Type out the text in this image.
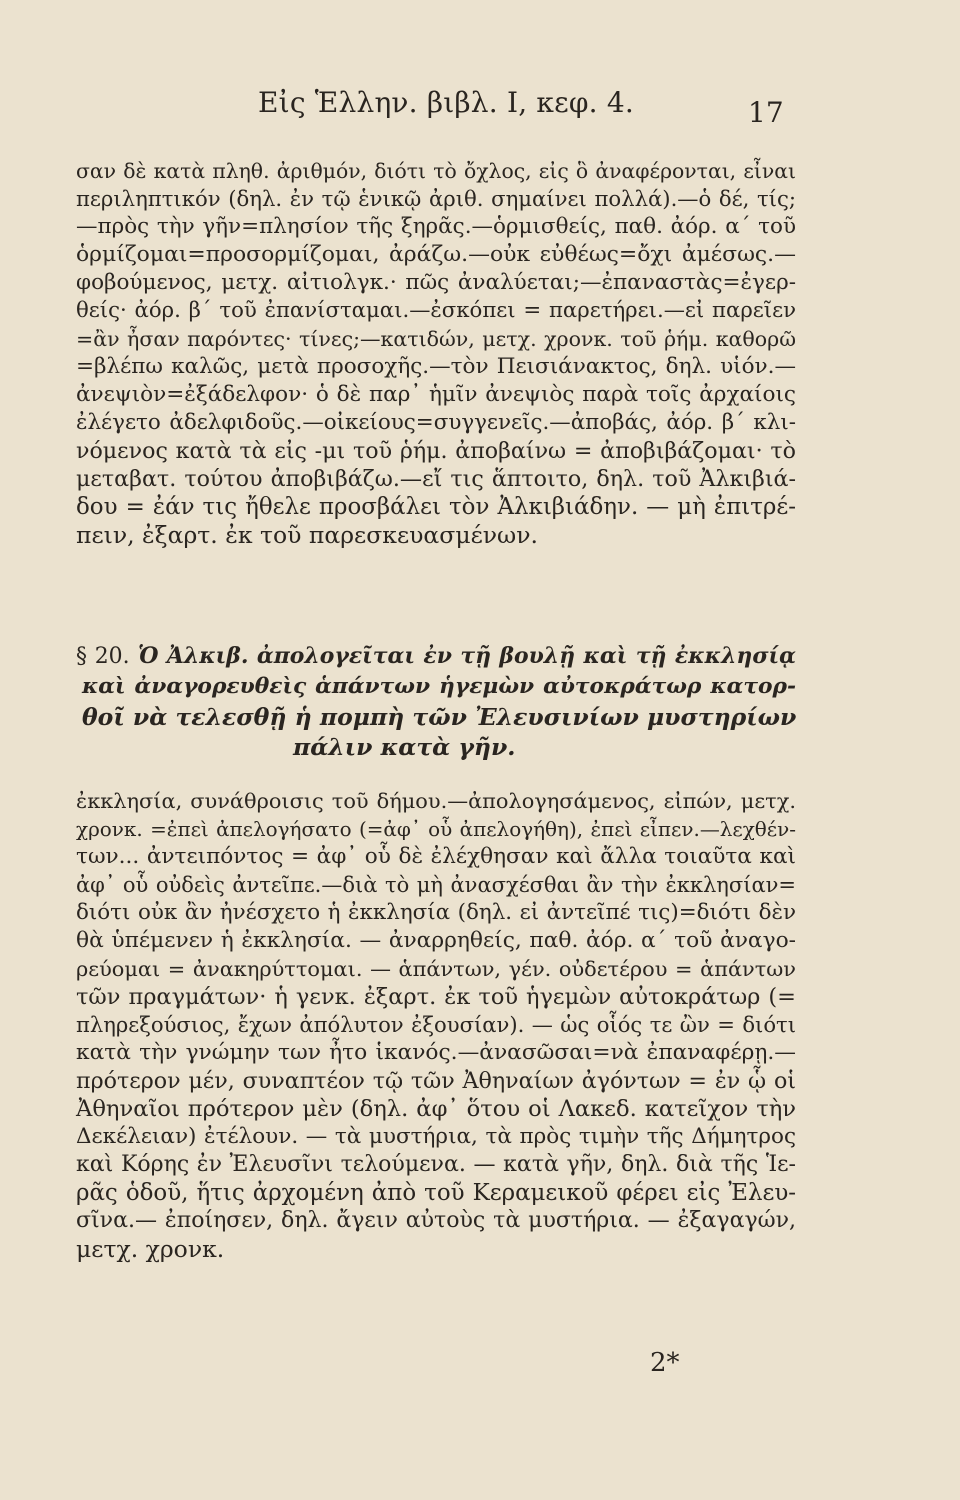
Εἰς Ἑλλην. βιβλ. Ι, κεφ. 4.	17
σαν δὲ κατὰ πληθ. ἀριθμόν, διότι τὸ ὄχλος, εἰς ὃ ἀναφέρονται, εἶναι
περιληπτικόν (δηλ. ἐν τῷ ἑνικῷ ἀριθ. σημαίνει πολλά).—ὁ δέ, τίς;
—πρὸς τὴν γῆν=πλησίον τῆς ξηρᾶς.—ὁρμισθείς, παθ. ἀόρ. α΄ τοῦ
ὁρμίζομαι=προσορμίζομαι, ἀράζω.—οὐκ εὐθέως=ὄχι ἀμέσως.—
φοβούμενος, μετχ. αἰτιολγκ.· πῶς ἀναλύεται;—ἐπαναστὰς=ἐγερ-
θείς· ἀόρ. β΄ τοῦ ἐπανίσταμαι.—ἐσκόπει = παρετήρει.—εἰ παρεῖεν
=ἂν ἦσαν παρόντες· τίνες;—κατιδών, μετχ. χρονκ. τοῦ ῥήμ. καθορῶ
=βλέπω καλῶς, μετὰ προσοχῆς.—τὸν Πεισιάνακτος, δηλ. υἱόν.—
ἀνεψιὸν=ἐξάδελφον· ὁ δὲ παρ᾽ ἡμῖν ἀνεψιὸς παρὰ τοῖς ἀρχαίοις
ἐλέγετο ἀδελφιδοῦς.—οἰκείους=συγγενεῖς.—ἀποβάς, ἀόρ. β΄ κλι-
νόμενος κατὰ τὰ εἰς -μι τοῦ ῥήμ. ἀποβαίνω = ἀποβιβάζομαι· τὸ
μεταβατ. τούτου ἀποβιβάζω.—εἴ τις ἅπτοιτο, δηλ. τοῦ Ἀλκιβιά-
δου = ἐάν τις ἤθελε προσβάλει τὸν Ἀλκιβιάδην. — μὴ ἐπιτρέ-
πειν, ἐξαρτ. ἐκ τοῦ παρεσκευασμένων.
§ 20. Ὁ Ἀλκιβ. ἀπολογεῖται ἐν τῇ βουλῇ καὶ τῇ ἐκκλησίᾳ
καὶ ἀναγορευθεὶς ἁπάντων ἡγεμὼν αὐτοκράτωρ κατορ-
θοῖ νὰ τελεσθῇ ἡ πομπὴ τῶν Ἐλευσινίων μυστηρίων
πάλιν κατὰ γῆν.
ἐκκλησία, συνάθροισις τοῦ δήμου.—ἀπολογησάμενος, εἰπών, μετχ.
χρονκ. =ἐπεὶ ἀπελογήσατο (=ἀφ᾽ οὗ ἀπελογήθη), ἐπεὶ εἶπεν.—λεχθέν-
των... ἀντειπόντος = ἀφ᾽ οὗ δὲ ἐλέχθησαν καὶ ἄλλα τοιαῦτα καὶ
ἀφ᾽ οὗ οὐδεὶς ἀντεῖπε.—διὰ τὸ μὴ ἀνασχέσθαι ἂν τὴν ἐκκλησίαν=
διότι οὐκ ἂν ἠνέσχετο ἡ ἐκκλησία (δηλ. εἰ ἀντεῖπέ τις)=διότι δὲν
θὰ ὑπέμενεν ἡ ἐκκλησία. — ἀναρρηθείς, παθ. ἀόρ. α΄ τοῦ ἀναγο-
ρεύομαι = ἀνακηρύττομαι. — ἁπάντων, γέν. οὐδετέρου = ἁπάντων
τῶν πραγμάτων· ἡ γενκ. ἐξαρτ. ἐκ τοῦ ἡγεμὼν αὐτοκράτωρ (=
πληρεξούσιος, ἔχων ἀπόλυτον ἐξουσίαν). — ὡς οἷός τε ὢν = διότι
κατὰ τὴν γνώμην των ἦτο ἱκανός.—ἀνασῶσαι=νὰ ἐπαναφέρῃ.—
πρότερον μέν, συναπτέον τῷ τῶν Ἀθηναίων ἀγόντων = ἐν ᾧ οἱ
Ἀθηναῖοι πρότερον μὲν (δηλ. ἀφ᾽ ὅτου οἱ Λακεδ. κατεῖχον τὴν
Δεκέλειαν) ἐτέλουν. — τὰ μυστήρια, τὰ πρὸς τιμὴν τῆς Δήμητρος
καὶ Κόρης ἐν Ἐλευσῖνι τελούμενα. — κατὰ γῆν, δηλ. διὰ τῆς Ἱε-
ρᾶς ὁδοῦ, ἥτις ἀρχομένη ἀπὸ τοῦ Κεραμεικοῦ φέρει εἰς Ἐλευ-
σῖνα.— ἐποίησεν, δηλ. ἄγειν αὐτοὺς τὰ μυστήρια. — ἐξαγαγών,
μετχ. χρονκ.
2*
